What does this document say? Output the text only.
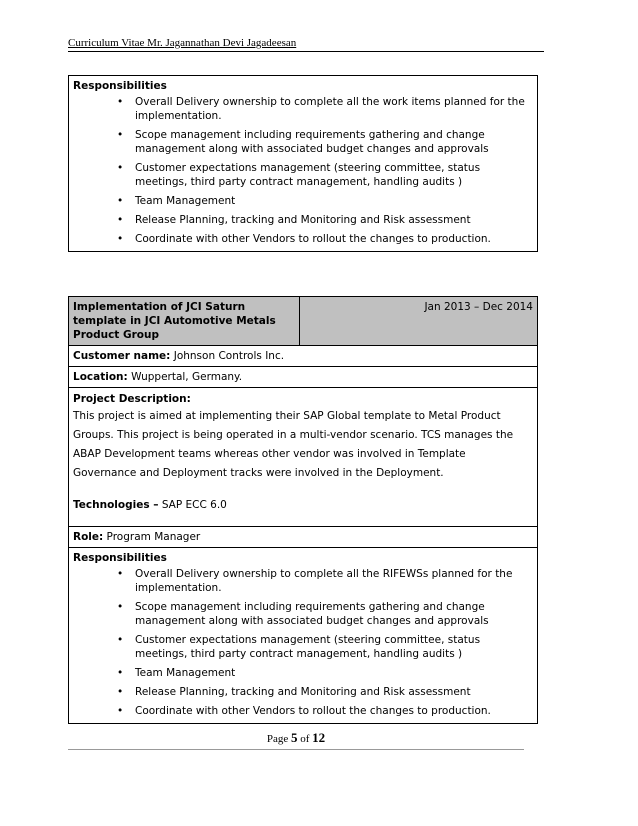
Curriculum Vitae Mr. Jagannathan Devi Jagadeesan
Responsibilities
• Overall Delivery ownership to complete all the work items planned for the implementation.
• Scope management including requirements gathering and change management along with associated budget changes and approvals
• Customer expectations management (steering committee, status meetings, third party contract management, handling audits )
• Team Management
• Release Planning, tracking and Monitoring and Risk assessment
• Coordinate with other Vendors to rollout the changes to production.
Implementation of JCI Saturn template in JCI Automotive Metals Product Group	Jan 2013 – Dec 2014
Customer name: Johnson Controls Inc.
Location: Wuppertal, Germany.

Project Description:

This project is aimed at implementing their SAP Global template to Metal Product

Groups. This project is being operated in a multi-vendor scenario. TCS manages the

ABAP Development teams whereas other vendor was involved in Template

Governance and Deployment tracks were involved in the Deployment.

Technologies – SAP ECC 6.0

Role: Program Manager

Responsibilities
• Overall Delivery ownership to complete all the RIFEWSs planned for the implementation.
• Scope management including requirements gathering and change management along with associated budget changes and approvals
• Customer expectations management (steering committee, status meetings, third party contract management, handling audits )
• Team Management
• Release Planning, tracking and Monitoring and Risk assessment
• Coordinate with other Vendors to rollout the changes to production.
Page 5 of 12
